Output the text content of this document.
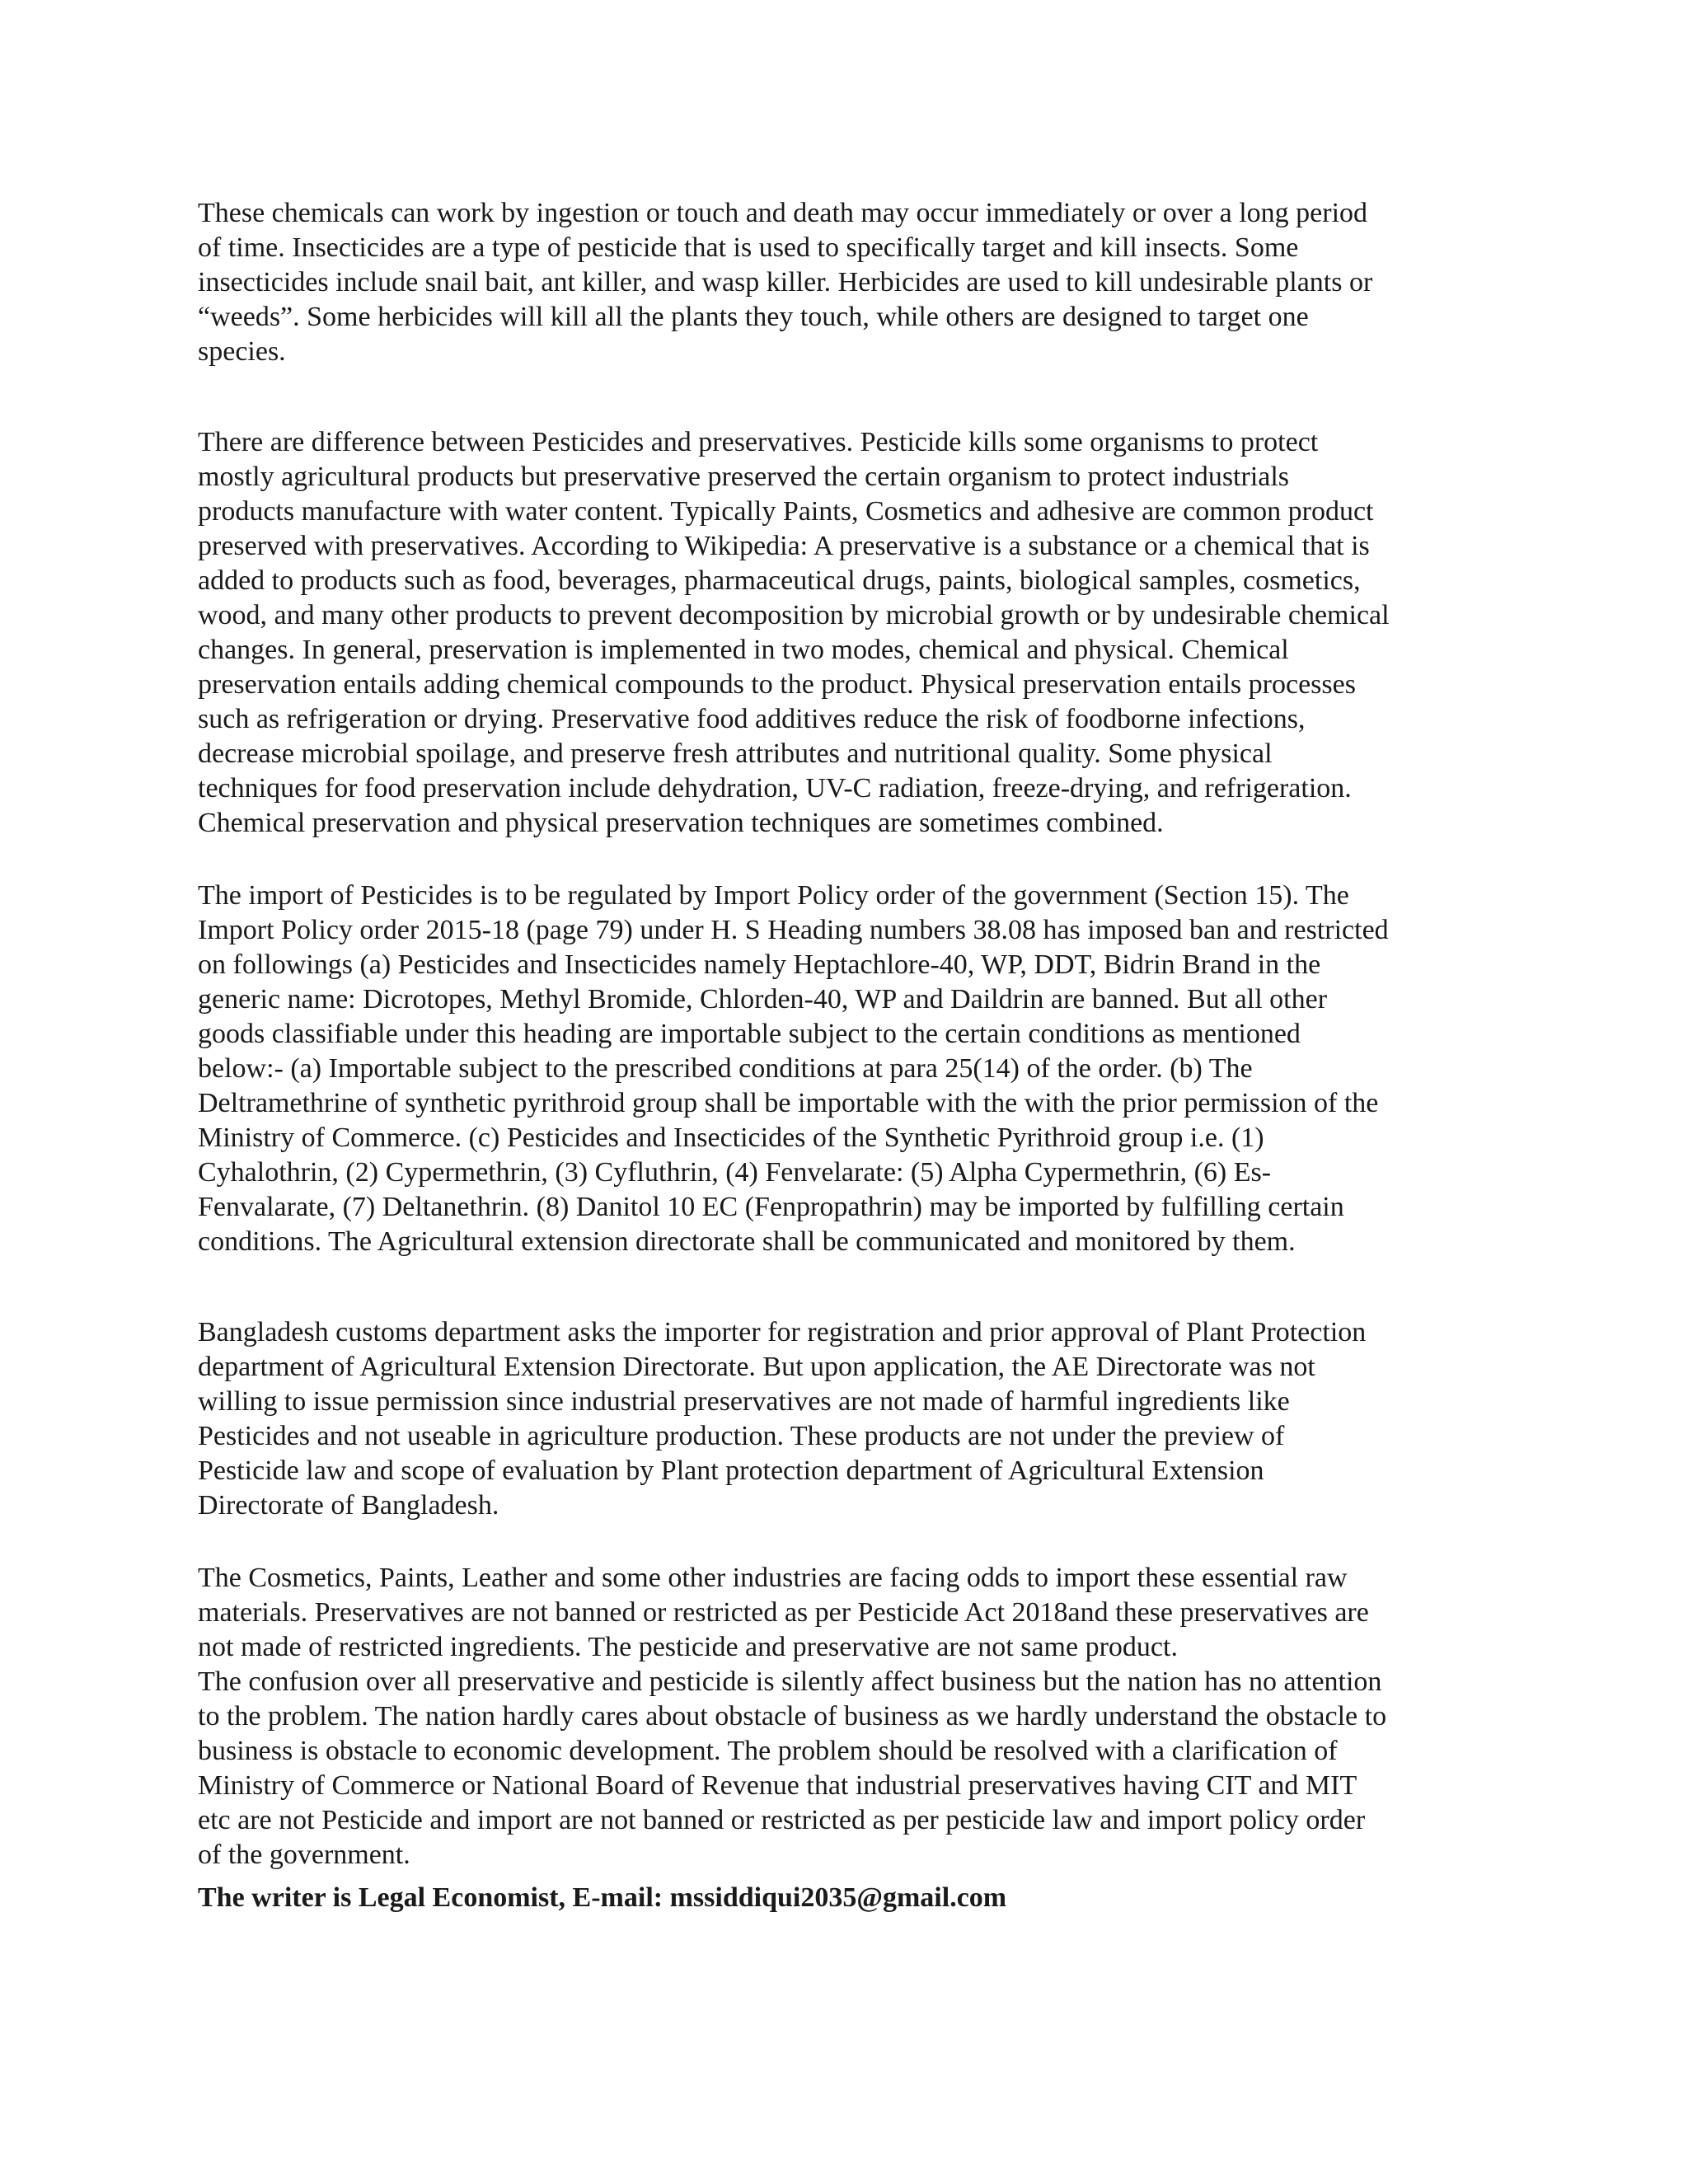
These chemicals can work by ingestion or touch and death may occur immediately or over a long period
of time. Insecticides are a type of pesticide that is used to specifically target and kill insects. Some
insecticides include snail bait, ant killer, and wasp killer. Herbicides are used to kill undesirable plants or
“weeds”. Some herbicides will kill all the plants they touch, while others are designed to target one
species.
There are difference between Pesticides and preservatives. Pesticide kills some organisms to protect
mostly agricultural products but preservative preserved the certain organism to protect industrials
products manufacture with water content. Typically Paints, Cosmetics and adhesive are common product
preserved with preservatives. According to Wikipedia: A preservative is a substance or a chemical that is
added to products such as food, beverages, pharmaceutical drugs, paints, biological samples, cosmetics,
wood, and many other products to prevent decomposition by microbial growth or by undesirable chemical
changes. In general, preservation is implemented in two modes, chemical and physical. Chemical
preservation entails adding chemical compounds to the product. Physical preservation entails processes
such as refrigeration or drying. Preservative food additives reduce the risk of foodborne infections,
decrease microbial spoilage, and preserve fresh attributes and nutritional quality. Some physical
techniques for food preservation include dehydration, UV-C radiation, freeze-drying, and refrigeration.
Chemical preservation and physical preservation techniques are sometimes combined.
The import of Pesticides is to be regulated by Import Policy order of the government (Section 15). The
Import Policy order 2015-18 (page 79) under H. S Heading numbers 38.08 has imposed ban and restricted
on followings (a) Pesticides and Insecticides namely Heptachlore-40, WP, DDT, Bidrin Brand in the
generic name: Dicrotopes, Methyl Bromide, Chlorden-40, WP and Daildrin are banned. But all other
goods classifiable under this heading are importable subject to the certain conditions as mentioned
below:- (a) Importable subject to the prescribed conditions at para 25(14) of the order. (b) The
Deltramethrine of synthetic pyrithroid group shall be importable with the with the prior permission of the
Ministry of Commerce. (c) Pesticides and Insecticides of the Synthetic Pyrithroid group i.e. (1)
Cyhalothrin, (2) Cypermethrin, (3) Cyfluthrin, (4) Fenvelarate: (5) Alpha Cypermethrin, (6) Es-
Fenvalarate, (7) Deltanethrin. (8) Danitol 10 EC (Fenpropathrin) may be imported by fulfilling certain
conditions. The Agricultural extension directorate shall be communicated and monitored by them.
Bangladesh customs department asks the importer for registration and prior approval of Plant Protection
department of Agricultural Extension Directorate. But upon application, the AE Directorate was not
willing to issue permission since industrial preservatives are not made of harmful ingredients like
Pesticides and not useable in agriculture production. These products are not under the preview of
Pesticide law and scope of evaluation by Plant protection department of Agricultural Extension
Directorate of Bangladesh.
The Cosmetics, Paints, Leather and some other industries are facing odds to import these essential raw
materials. Preservatives are not banned or restricted as per Pesticide Act 2018and these preservatives are
not made of restricted ingredients. The pesticide and preservative are not same product.
The confusion over all preservative and pesticide is silently affect business but the nation has no attention
to the problem. The nation hardly cares about obstacle of business as we hardly understand the obstacle to
business is obstacle to economic development. The problem should be resolved with a clarification of
Ministry of Commerce or National Board of Revenue that industrial preservatives having CIT and MIT
etc are not Pesticide and import are not banned or restricted as per pesticide law and import policy order
of the government.
The writer is Legal Economist, E-mail: mssiddiqui2035@gmail.com
